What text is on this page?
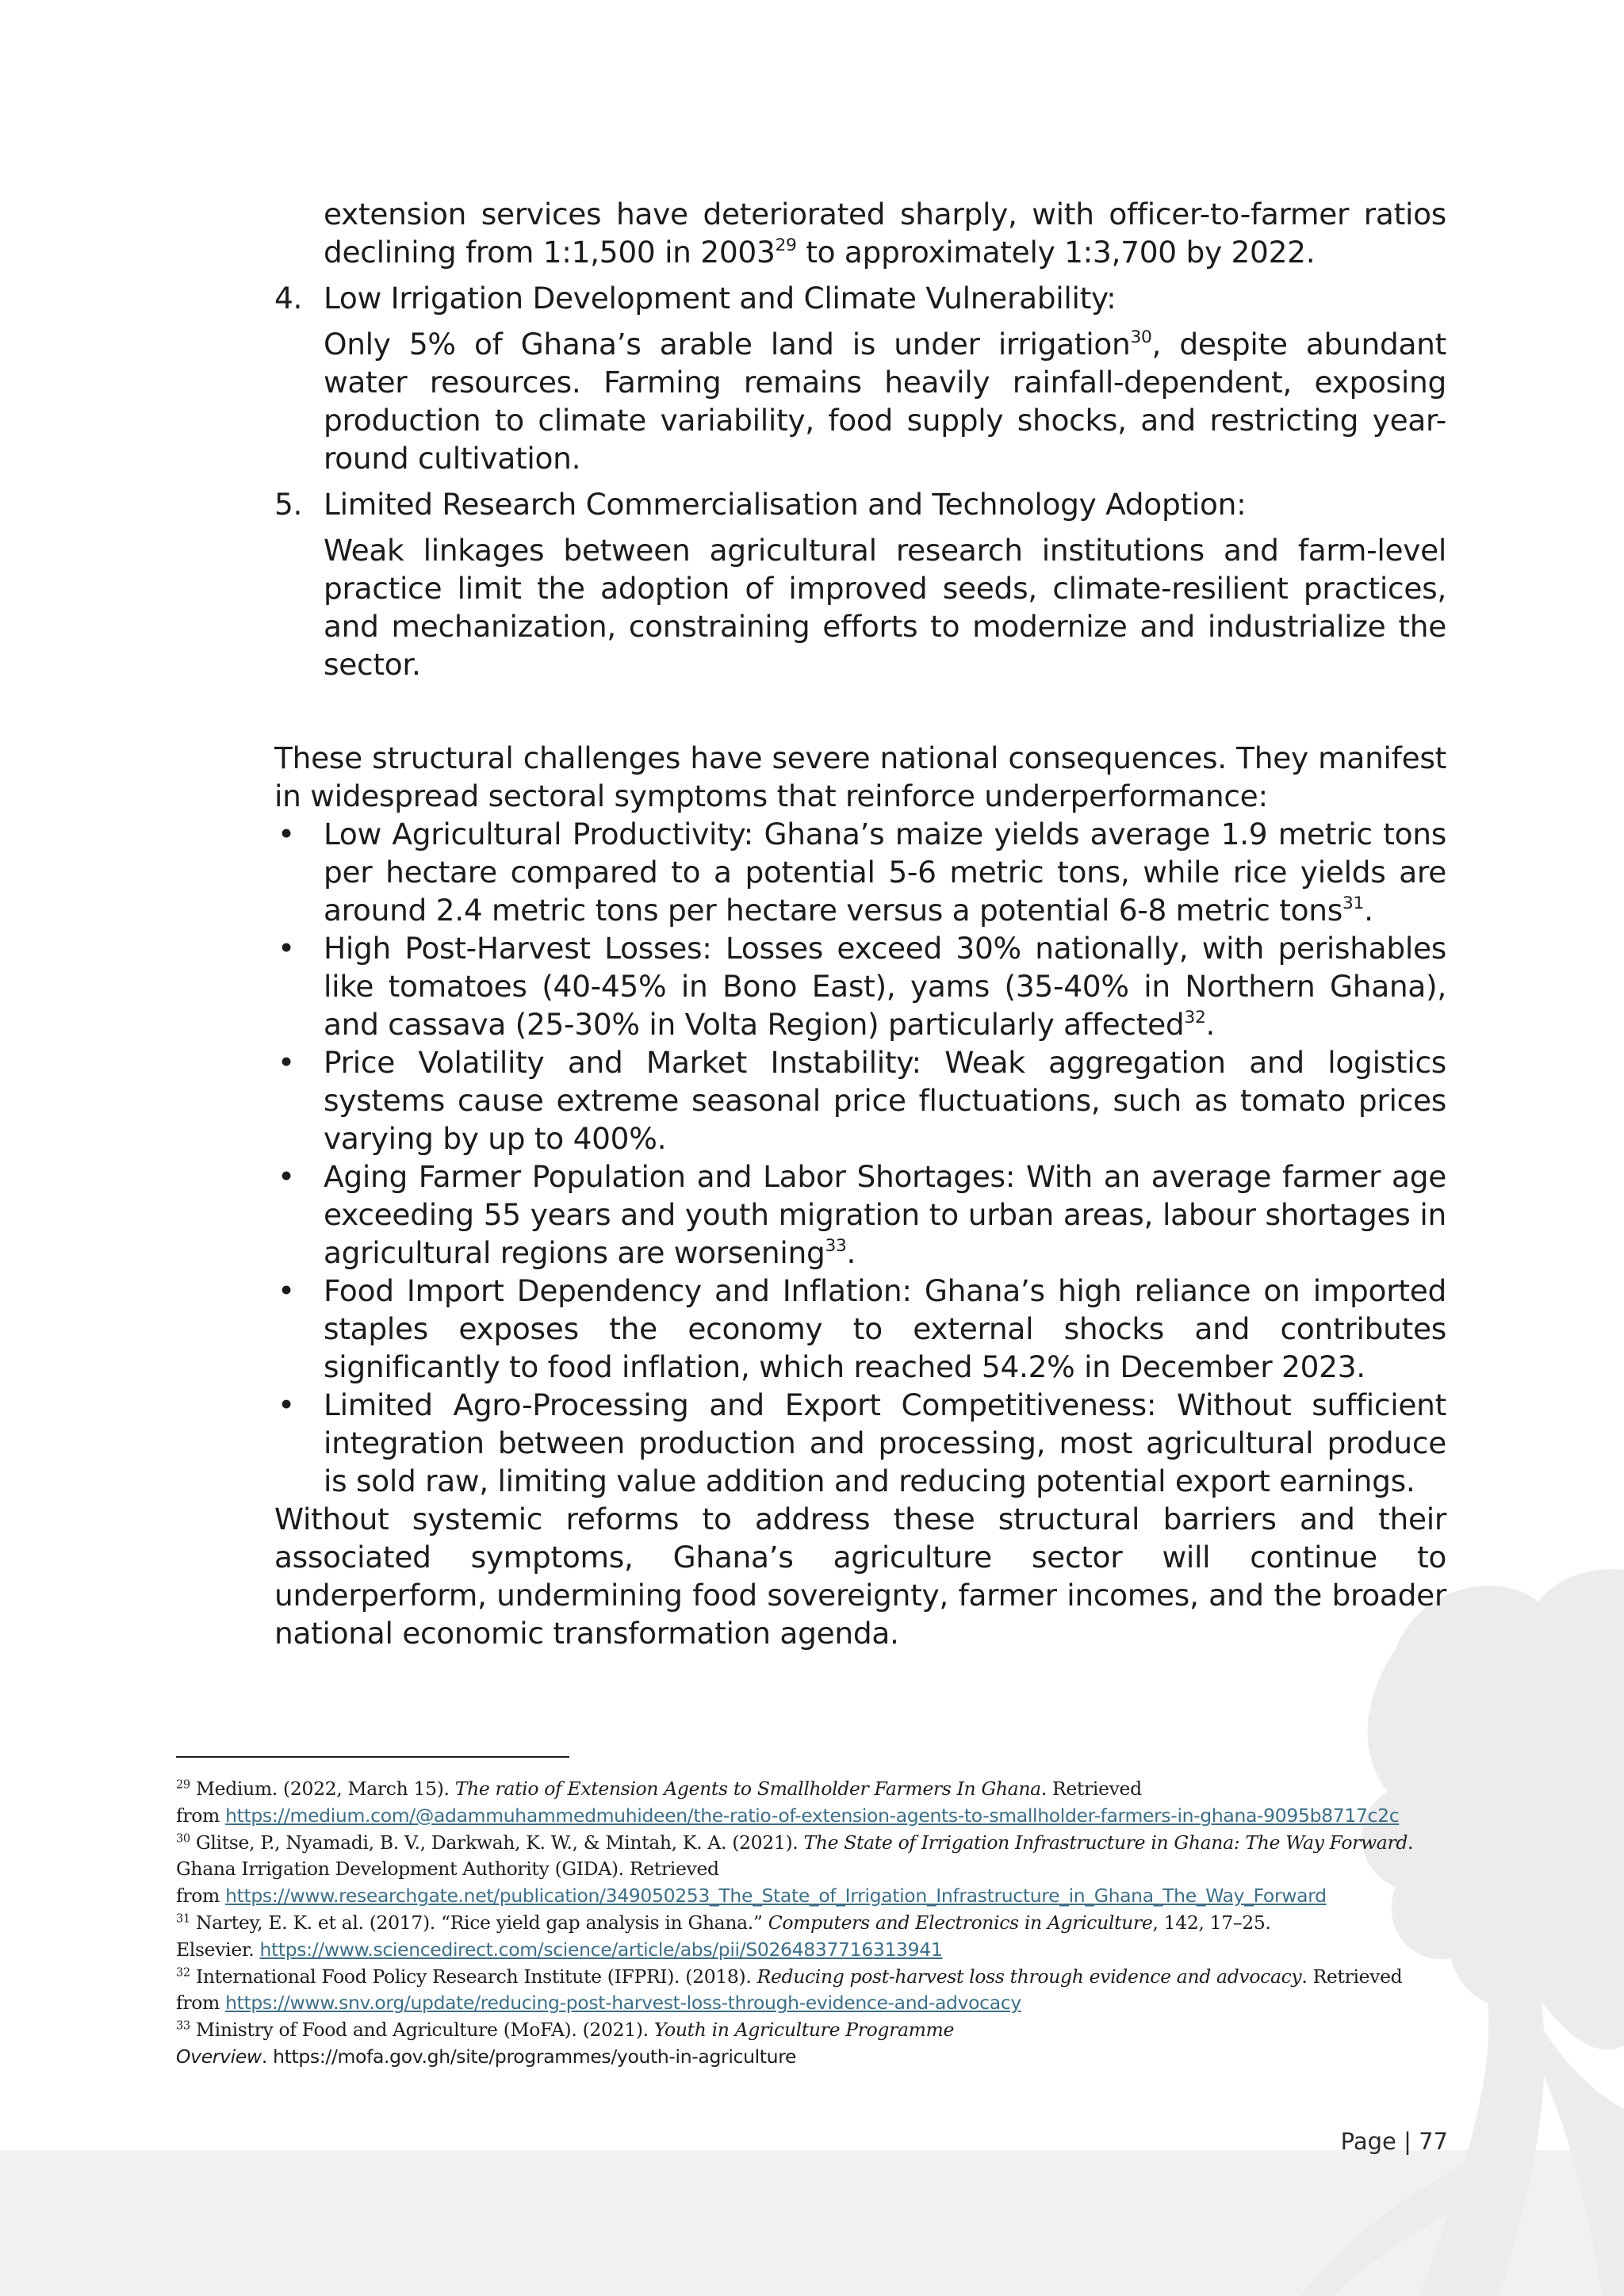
extension services have deteriorated sharply, with officer-to-farmer ratios declining from 1:1,500 in 2003$^{29}$ to approximately 1:3,700 by 2022.

4. Low Irrigation Development and Climate Vulnerability:
Only 5% of Ghana’s arable land is under irrigation$^{30}$, despite abundant water resources. Farming remains heavily rainfall-dependent, exposing production to climate variability, food supply shocks, and restricting year-round cultivation.
5. Limited Research Commercialisation and Technology Adoption:
Weak linkages between agricultural research institutions and farm-level practice limit the adoption of improved seeds, climate-resilient practices, and mechanization, constraining efforts to modernize and industrialize the sector.

These structural challenges have severe national consequences. They manifest in widespread sectoral symptoms that reinforce underperformance:

• Low Agricultural Productivity: Ghana’s maize yields average 1.9 metric tons per hectare compared to a potential 5-6 metric tons, while rice yields are around 2.4 metric tons per hectare versus a potential 6-8 metric tons$^{31}$.
• High Post-Harvest Losses: Losses exceed 30% nationally, with perishables like tomatoes (40-45% in Bono East), yams (35-40% in Northern Ghana), and cassava (25-30% in Volta Region) particularly affected$^{32}$.
• Price Volatility and Market Instability: Weak aggregation and logistics systems cause extreme seasonal price fluctuations, such as tomato prices varying by up to 400%.
• Aging Farmer Population and Labor Shortages: With an average farmer age exceeding 55 years and youth migration to urban areas, labour shortages in agricultural regions are worsening$^{33}$.
• Food Import Dependency and Inflation: Ghana’s high reliance on imported staples exposes the economy to external shocks and contributes significantly to food inflation, which reached 54.2% in December 2023.
• Limited Agro-Processing and Export Competitiveness: Without sufficient integration between production and processing, most agricultural produce is sold raw, limiting value addition and reducing potential export earnings.

Without systemic reforms to address these structural barriers and their associated symptoms, Ghana’s agriculture sector will continue to underperform, undermining food sovereignty, farmer incomes, and the broader national economic transformation agenda.

$^{29}$ Medium. (2022, March 15). The ratio of Extension Agents to Smallholder Farmers In Ghana. Retrieved
from https://medium.com/@adammuhammedmuhideen/the-ratio-of-extension-agents-to-smallholder-farmers-in-ghana-9095b8717c2c

$^{30}$ Glitse, P., Nyamadi, B. V., Darkwah, K. W., & Mintah, K. A. (2021). The State of Irrigation Infrastructure in Ghana: The Way Forward. Ghana Irrigation Development Authority (GIDA). Retrieved
from https://www.researchgate.net/publication/349050253_The_State_of_Irrigation_Infrastructure_in_Ghana_The_Way_Forward

$^{31}$ Nartey, E. K. et al. (2017). “Rice yield gap analysis in Ghana.” Computers and Electronics in Agriculture, 142, 17–25.
Elsevier. https://www.sciencedirect.com/science/article/abs/pii/S0264837716313941

$^{32}$ International Food Policy Research Institute (IFPRI). (2018). Reducing post-harvest loss through evidence and advocacy. Retrieved
from https://www.snv.org/update/reducing-post-harvest-loss-through-evidence-and-advocacy

$^{33}$ Ministry of Food and Agriculture (MoFA). (2021). Youth in Agriculture Programme
Overview. https://mofa.gov.gh/site/programmes/youth-in-agriculture

Page | 77
